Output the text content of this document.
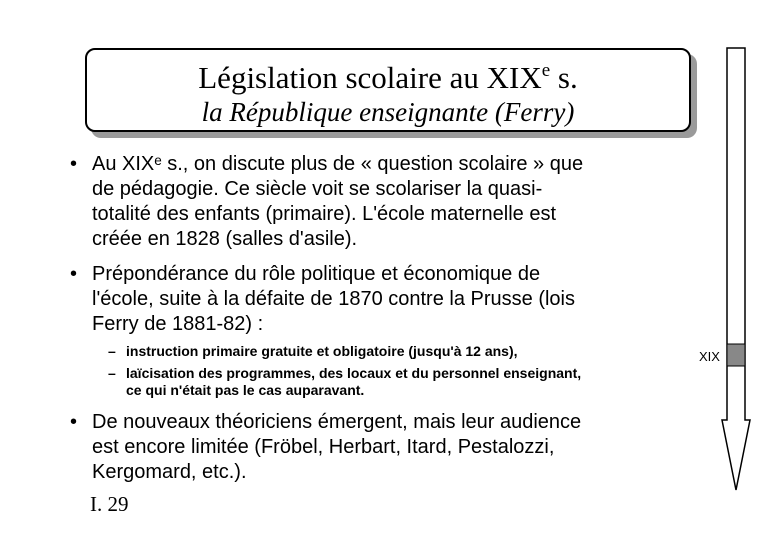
Législation scolaire au XIXe s.
la République enseignante (Ferry)
• Au XIXᵉ s., on discute plus de « question scolaire » que
de pédagogie. Ce siècle voit se scolariser la quasi-
totalité des enfants (primaire). L'école maternelle est
créée en 1828 (salles d'asile).
• Prépondérance du rôle politique et économique de
l'école, suite à la défaite de 1870 contre la Prusse (lois
Ferry de 1881-82) :
– instruction primaire gratuite et obligatoire (jusqu'à 12 ans),
– laïcisation des programmes, des locaux et du personnel enseignant,
ce qui n'était pas le cas auparavant.
• De nouveaux théoriciens émergent, mais leur audience
est encore limitée (Fröbel, Herbart, Itard, Pestalozzi,
Kergomard, etc.).
XIX
I. 29
